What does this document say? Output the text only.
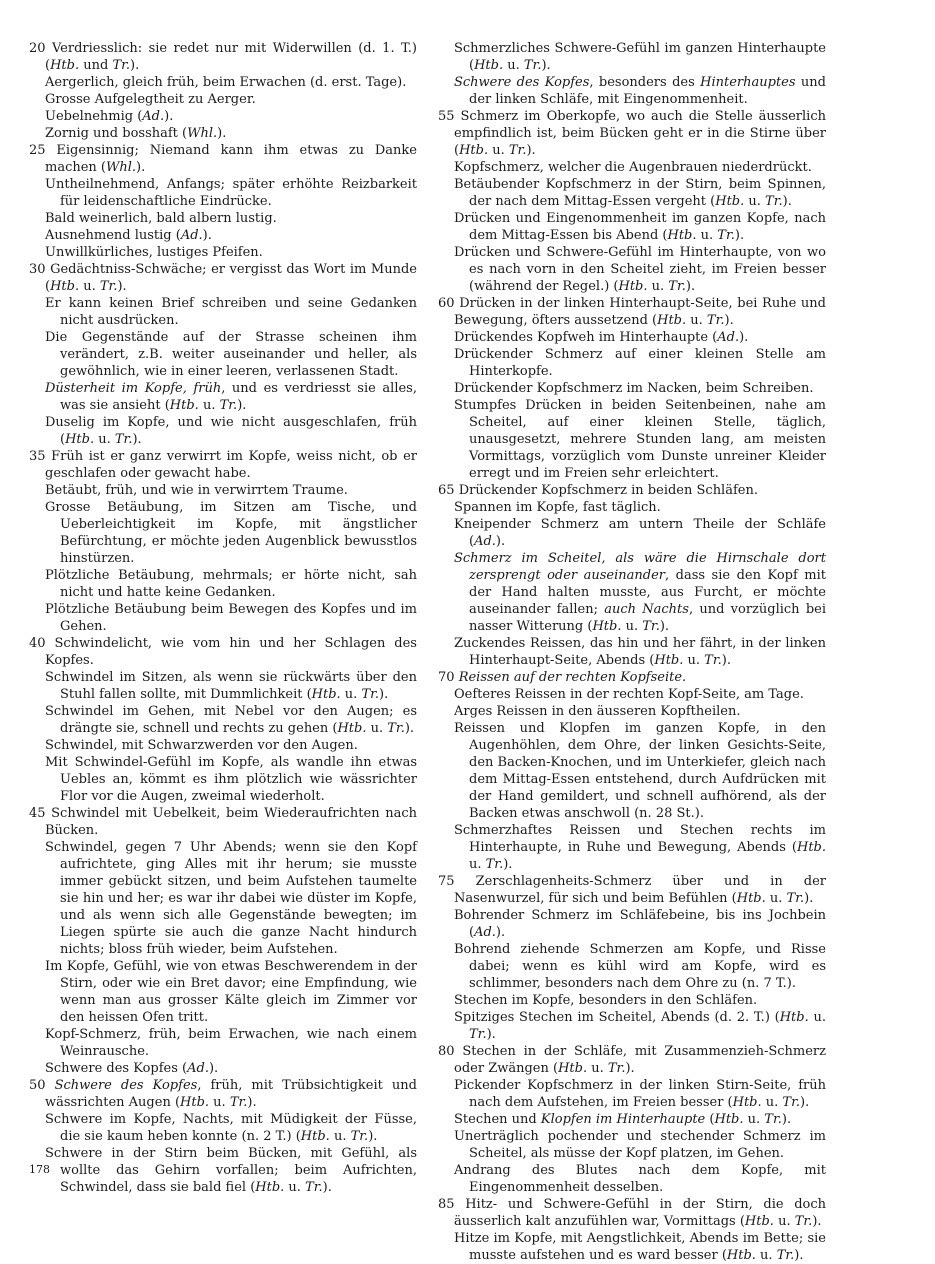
20 Verdriesslich: sie redet nur mit Widerwillen (d. 1. T.) (Htb. und Tr.).
Aergerlich, gleich früh, beim Erwachen (d. erst. Tage).
Grosse Aufgelegtheit zu Aerger.
Uebelnehmig (Ad.).
Zornig und bosshaft (Whl.).
25 Eigensinnig; Niemand kann ihm etwas zu Danke machen (Whl.).
Untheilnehmend, Anfangs; später erhöhte Reizbarkeit für leidenschaftliche Eindrücke.
Bald weinerlich, bald albern lustig.
Ausnehmend lustig (Ad.).
Unwillkürliches, lustiges Pfeifen.
30 Gedächtniss-Schwäche; er vergisst das Wort im Munde (Htb. u. Tr.).
Er kann keinen Brief schreiben und seine Gedanken nicht ausdrücken.
Die Gegenstände auf der Strasse scheinen ihm verändert, z.B. weiter auseinander und heller, als gewöhnlich, wie in einer leeren, verlassenen Stadt.
Düsterheit im Kopfe, früh, und es verdriesst sie alles, was sie ansieht (Htb. u. Tr.).
Duselig im Kopfe, und wie nicht ausgeschlafen, früh (Htb. u. Tr.).
35 Früh ist er ganz verwirrt im Kopfe, weiss nicht, ob er geschlafen oder gewacht habe.
Betäubt, früh, und wie in verwirrtem Traume.
Grosse Betäubung, im Sitzen am Tische, und Ueberleichtigkeit im Kopfe, mit ängstlicher Befürchtung, er möchte jeden Augenblick bewusstlos hinstürzen.
Plötzliche Betäubung, mehrmals; er hörte nicht, sah nicht und hatte keine Gedanken.
Plötzliche Betäubung beim Bewegen des Kopfes und im Gehen.
40 Schwindelicht, wie vom hin und her Schlagen des Kopfes.
Schwindel im Sitzen, als wenn sie rückwärts über den Stuhl fallen sollte, mit Dummlichkeit (Htb. u. Tr.).
Schwindel im Gehen, mit Nebel vor den Augen; es drängte sie, schnell und rechts zu gehen (Htb. u. Tr.).
Schwindel, mit Schwarzwerden vor den Augen.
Mit Schwindel-Gefühl im Kopfe, als wandle ihn etwas Uebles an, kömmt es ihm plötzlich wie wässrichter Flor vor die Augen, zweimal wiederholt.
45 Schwindel mit Uebelkeit, beim Wiederaufrichten nach Bücken.
Schwindel, gegen 7 Uhr Abends; wenn sie den Kopf aufrichtete, ging Alles mit ihr herum; sie musste immer gebückt sitzen, und beim Aufstehen taumelte sie hin und her; es war ihr dabei wie düster im Kopfe, und als wenn sich alle Gegenstände bewegten; im Liegen spürte sie auch die ganze Nacht hindurch nichts; bloss früh wieder, beim Aufstehen.
Im Kopfe, Gefühl, wie von etwas Beschwerendem in der Stirn, oder wie ein Bret davor; eine Empfindung, wie wenn man aus grosser Kälte gleich im Zimmer vor den heissen Ofen tritt.
Kopf-Schmerz, früh, beim Erwachen, wie nach einem Weinrausche.
Schwere des Kopfes (Ad.).
50 Schwere des Kopfes, früh, mit Trübsichtigkeit und wässrichten Augen (Htb. u. Tr.).
Schwere im Kopfe, Nachts, mit Müdigkeit der Füsse, die sie kaum heben konnte (n. 2 T.) (Htb. u. Tr.).
Schwere in der Stirn beim Bücken, mit Gefühl, als wollte das Gehirn vorfallen; beim Aufrichten, Schwindel, dass sie bald fiel (Htb. u. Tr.).
Schmerzliches Schwere-Gefühl im ganzen Hinterhaupte (Htb. u. Tr.).
Schwere des Kopfes, besonders des Hinterhauptes und der linken Schläfe, mit Eingenommenheit.
55 Schmerz im Oberkopfe, wo auch die Stelle äusserlich empfindlich ist, beim Bücken geht er in die Stirne über (Htb. u. Tr.).
Kopfschmerz, welcher die Augenbrauen niederdrückt.
Betäubender Kopfschmerz in der Stirn, beim Spinnen, der nach dem Mittag-Essen vergeht (Htb. u. Tr.).
Drücken und Eingenommenheit im ganzen Kopfe, nach dem Mittag-Essen bis Abend (Htb. u. Tr.).
Drücken und Schwere-Gefühl im Hinterhaupte, von wo es nach vorn in den Scheitel zieht, im Freien besser (während der Regel.) (Htb. u. Tr.).
60 Drücken in der linken Hinterhaupt-Seite, bei Ruhe und Bewegung, öfters aussetzend (Htb. u. Tr.).
Drückendes Kopfweh im Hinterhaupte (Ad.).
Drückender Schmerz auf einer kleinen Stelle am Hinterkopfe.
Drückender Kopfschmerz im Nacken, beim Schreiben.
Stumpfes Drücken in beiden Seitenbeinen, nahe am Scheitel, auf einer kleinen Stelle, täglich, unausgesetzt, mehrere Stunden lang, am meisten Vormittags, vorzüglich vom Dunste unreiner Kleider erregt und im Freien sehr erleichtert.
65 Drückender Kopfschmerz in beiden Schläfen.
Spannen im Kopfe, fast täglich.
Kneipender Schmerz am untern Theile der Schläfe (Ad.).
Schmerz im Scheitel, als wäre die Hirnschale dort zersprengt oder auseinander, dass sie den Kopf mit der Hand halten musste, aus Furcht, er möchte auseinander fallen; auch Nachts, und vorzüglich bei nasser Witterung (Htb. u. Tr.).
Zuckendes Reissen, das hin und her fährt, in der linken Hinterhaupt-Seite, Abends (Htb. u. Tr.).
70 Reissen auf der rechten Kopfseite.
Oefteres Reissen in der rechten Kopf-Seite, am Tage.
Arges Reissen in den äusseren Kopftheilen.
Reissen und Klopfen im ganzen Kopfe, in den Augenhöhlen, dem Ohre, der linken Gesichts-Seite, den Backen-Knochen, und im Unterkiefer, gleich nach dem Mittag-Essen entstehend, durch Aufdrücken mit der Hand gemildert, und schnell aufhörend, als der Backen etwas anschwoll (n. 28 St.).
Schmerzhaftes Reissen und Stechen rechts im Hinterhaupte, in Ruhe und Bewegung, Abends (Htb. u. Tr.).
75 Zerschlagenheits-Schmerz über und in der Nasenwurzel, für sich und beim Befühlen (Htb. u. Tr.).
Bohrender Schmerz im Schläfebeine, bis ins Jochbein (Ad.).
Bohrend ziehende Schmerzen am Kopfe, und Risse dabei; wenn es kühl wird am Kopfe, wird es schlimmer, besonders nach dem Ohre zu (n. 7 T.).
Stechen im Kopfe, besonders in den Schläfen.
Spitziges Stechen im Scheitel, Abends (d. 2. T.) (Htb. u. Tr.).
80 Stechen in der Schläfe, mit Zusammenzieh-Schmerz oder Zwängen (Htb. u. Tr.).
Pickender Kopfschmerz in der linken Stirn-Seite, früh nach dem Aufstehen, im Freien besser (Htb. u. Tr.).
Stechen und Klopfen im Hinterhaupte (Htb. u. Tr.).
Unerträglich pochender und stechender Schmerz im Scheitel, als müsse der Kopf platzen, im Gehen.
Andrang des Blutes nach dem Kopfe, mit Eingenommenheit desselben.
85 Hitz- und Schwere-Gefühl in der Stirn, die doch äusserlich kalt anzufühlen war, Vormittags (Htb. u. Tr.).
Hitze im Kopfe, mit Aengstlichkeit, Abends im Bette; sie musste aufstehen und es ward besser (Htb. u. Tr.).
178
